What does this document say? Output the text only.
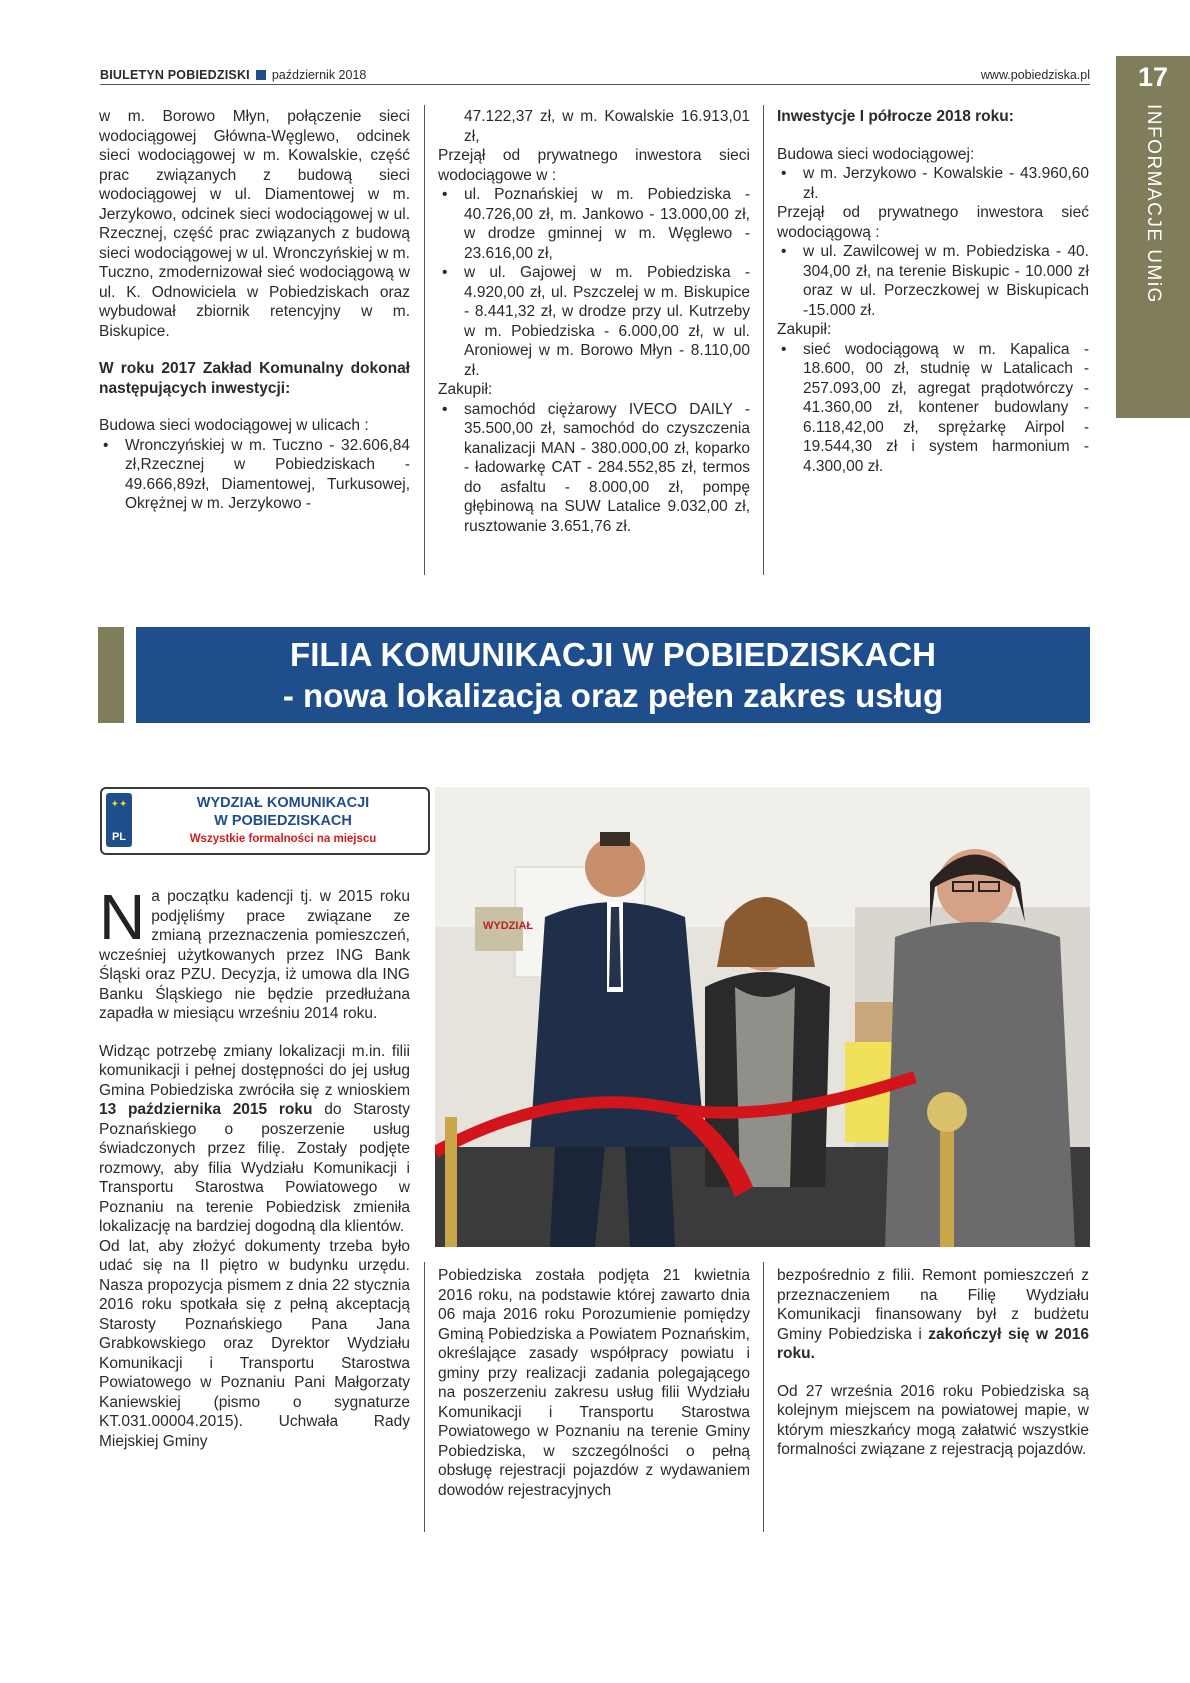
BIULETYN POBIEDZISKI październik 2018	www.pobiedziska.pl	17
INFORMACJE UMiG

w m. Borowo Młyn, połączenie sieci wodociągowej Główna-Węglewo, odcinek sieci wodociągowej w m. Kowalskie, część prac związanych z budową sieci wodociągowej w ul. Diamentowej w m. Jerzykowo, odcinek sieci wodociągowej w ul. Rzecznej, część prac związanych z budową sieci wodociągowej w ul. Wronczyńskiej w m. Tuczno, zmodernizował sieć wodociągową w ul. K. Odnowiciela w Pobiedziskach oraz wybudował zbiornik retencyjny w m. Biskupice.

W roku 2017 Zakład Komunalny dokonał następujących inwestycji:

Budowa sieci wodociągowej w ulicach :

• Wronczyńskiej w m. Tuczno - 32.606,84 zł,Rzecznej w Pobiedziskach - 49.666,89zł, Diamentowej, Turkusowej, Okrężnej w m. Jerzykowo -

47.122,37 zł, w m. Kowalskie 16.913,01 zł,

Przejął od prywatnego inwestora sieci wodociągowe w :

• ul. Poznańskiej w m. Pobiedziska - 40.726,00 zł, m. Jankowo - 13.000,00 zł, w drodze gminnej w m. Węglewo - 23.616,00 zł,
• w ul. Gajowej w m. Pobiedziska - 4.920,00 zł, ul. Pszczelej w m. Biskupice - 8.441,32 zł, w drodze przy ul. Kutrzeby w m. Pobiedziska - 6.000,00 zł, w ul. Aroniowej w m. Borowo Młyn - 8.110,00 zł.

Zakupił:

• samochód ciężarowy IVECO DAILY - 35.500,00 zł, samochód do czyszczenia kanalizacji MAN - 380.000,00 zł, koparko - ładowarkę CAT - 284.552,85 zł, termos do asfaltu - 8.000,00 zł, pompę głębinową na SUW Latalice 9.032,00 zł, rusztowanie 3.651,76 zł.

Inwestycje I półrocze 2018 roku:

Budowa sieci wodociągowej:

• w m. Jerzykowo - Kowalskie - 43.960,60 zł.

Przejął od prywatnego inwestora sieć wodociągową :

• w ul. Zawilcowej w m. Pobiedziska - 40. 304,00 zł, na terenie Biskupic - 10.000 zł oraz w ul. Porzeczkowej w Biskupicach -15.000 zł.

Zakupił:

• sieć wodociągową w m. Kapalica - 18.600, 00 zł, studnię w Latalicach - 257.093,00 zł, agregat prądotwórczy - 41.360,00 zł, kontener budowlany - 6.118,42,00 zł, sprężarkę Airpol - 19.544,30 zł i system harmonium - 4.300,00 zł.
FILIA KOMUNIKACJI W POBIEDZISKACH
- nowa lokalizacja oraz pełen zakres usług
✦✦
PL
WYDZIAŁ KOMUNIKACJI
W POBIEDZISKACH
Wszystkie formalności na miejscu
WYDZIAŁ

Na początku kadencji tj. w 2015 roku podjęliśmy prace związane ze zmianą przeznaczenia pomieszczeń, wcześniej użytkowanych przez ING Bank Śląski oraz PZU. Decyzja, iż umowa dla ING Banku Śląskiego nie będzie przedłużana zapadła w miesiącu wrześniu 2014 roku.

Widząc potrzebę zmiany lokalizacji m.in. filii komunikacji i pełnej dostępności do jej usług Gmina Pobiedziska zwróciła się z wnioskiem 13 października 2015 roku do Starosty Poznańskiego o poszerzenie usług świadczonych przez filię. Zostały podjęte rozmowy, aby filia Wydziału Komunikacji i Transportu Starostwa Powiatowego w Poznaniu na terenie Pobiedzisk zmieniła lokalizację na bardziej dogodną dla klientów.

Od lat, aby złożyć dokumenty trzeba było udać się na II piętro w budynku urzędu. Nasza propozycja pismem z dnia 22 stycznia 2016 roku spotkała się z pełną akceptacją Starosty Poznańskiego Pana Jana Grabkowskiego oraz Dyrektor Wydziału Komunikacji i Transportu Starostwa Powiatowego w Poznaniu Pani Małgorzaty Kaniewskiej (pismo o sygnaturze KT.031.00004.2015). Uchwała Rady Miejskiej Gminy

Pobiedziska została podjęta 21 kwietnia 2016 roku, na podstawie której zawarto dnia 06 maja 2016 roku Porozumienie pomiędzy Gminą Pobiedziska a Powiatem Poznańskim, określające zasady współpracy powiatu i gminy przy realizacji zadania polegającego na poszerzeniu zakresu usług filii Wydziału Komunikacji i Transportu Starostwa Powiatowego w Poznaniu na terenie Gminy Pobiedziska, w szczególności o pełną obsługę rejestracji pojazdów z wydawaniem dowodów rejestracyjnych

bezpośrednio z filii. Remont pomieszczeń z przeznaczeniem na Filię Wydziału Komunikacji finansowany był z budżetu Gminy Pobiedziska i zakończył się w 2016 roku.

Od 27 września 2016 roku Pobiedziska są kolejnym miejscem na powiatowej mapie, w którym mieszkańcy mogą załatwić wszystkie formalności związane z rejestracją pojazdów.
